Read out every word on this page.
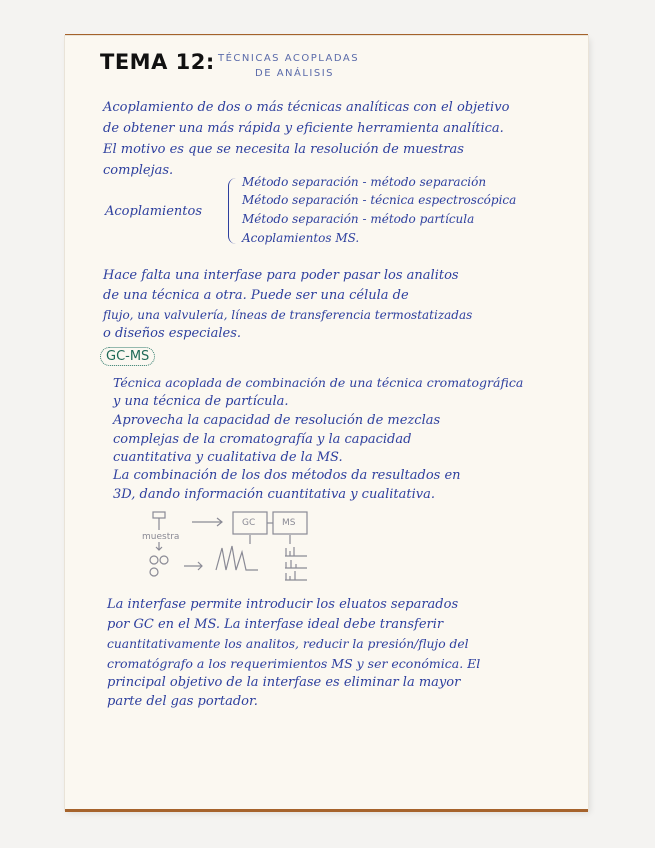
TEMA 12: TÉCNICAS ACOPLADAS
DE ANÁLISIS
Acoplamiento de dos o más técnicas analíticas con el objetivo
de obtener una más rápida y eficiente herramienta analítica.
El motivo es que se necesita la resolución de muestras
complejas.
Acoplamientos
Método separación - método separación
Método separación - técnica espectroscópica
Método separación - método partícula
Acoplamientos MS.
Hace falta una interfase para poder pasar los analitos
de una técnica a otra. Puede ser una célula de
flujo, una valvulería, líneas de transferencia termostatizadas
o diseños especiales.
GC-MS
Técnica acoplada de combinación de una técnica cromatográfica
y una técnica de partícula.
Aprovecha la capacidad de resolución de mezclas
complejas de la cromatografía y la capacidad
cuantitativa y cualitativa de la MS.
La combinación de los dos métodos da resultados en
3D, dando información cuantitativa y cualitativa.
muestra
GC	MS
La interfase permite introducir los eluatos separados
por GC en el MS. La interfase ideal debe transferir
cuantitativamente los analitos, reducir la presión/flujo del
cromatógrafo a los requerimientos MS y ser económica. El
principal objetivo de la interfase es eliminar la mayor
parte del gas portador.
